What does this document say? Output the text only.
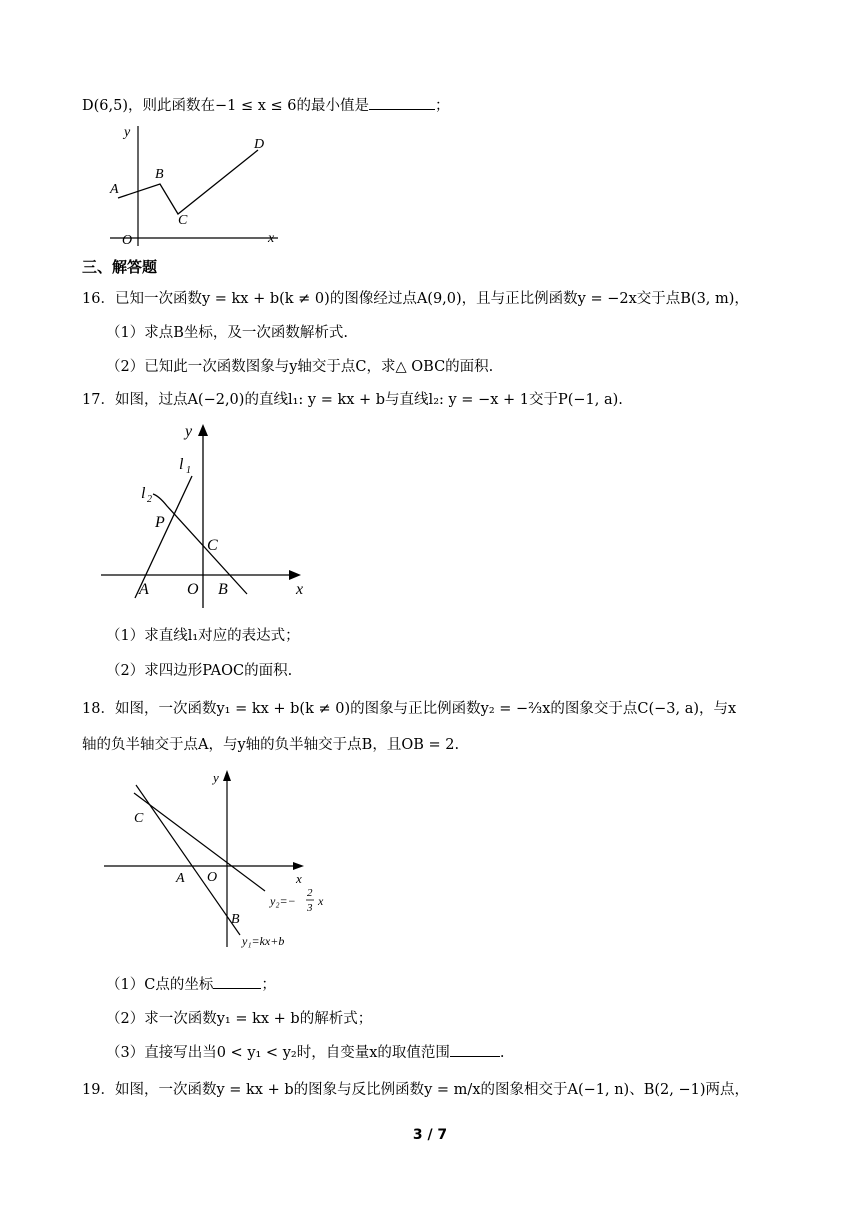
D(6,5)，则此函数在−1 ≤ x ≤ 6的最小值是	；
y
x
O
A
B
C
D
三、解答题
16．已知一次函数y = kx + b(k ≠ 0)的图像经过点A(9,0)，且与正比例函数y = −2x交于点B(3, m)，
（1）求点B坐标，及一次函数解析式.
（2）已知此一次函数图象与y轴交于点C，求△ OBC的面积.
17．如图，过点A(−2,0)的直线l₁: y = kx + b与直线l₂: y = −x + 1交于P(−1, a).
y
x
l 1
l 2
P
C
A O B
（1）求直线l₁对应的表达式；
（2）求四边形PAOC的面积.
18．如图，一次函数y₁ = kx + b(k ≠ 0)的图象与正比例函数y₂ = −⅔x的图象交于点C(−3, a)，与x
轴的负半轴交于点A，与y轴的负半轴交于点B，且OB = 2.
y
x
C
A O
B
y₂=−
2
3 x
y₁=kx+b
（1）C点的坐标	；
（2）求一次函数y₁ = kx + b的解析式；
（3）直接写出当0 < y₁ < y₂时，自变量x的取值范围	.
19．如图，一次函数y = kx + b的图象与反比例函数y = m/x的图象相交于A(−1, n)、B(2, −1)两点，
3 / 7
